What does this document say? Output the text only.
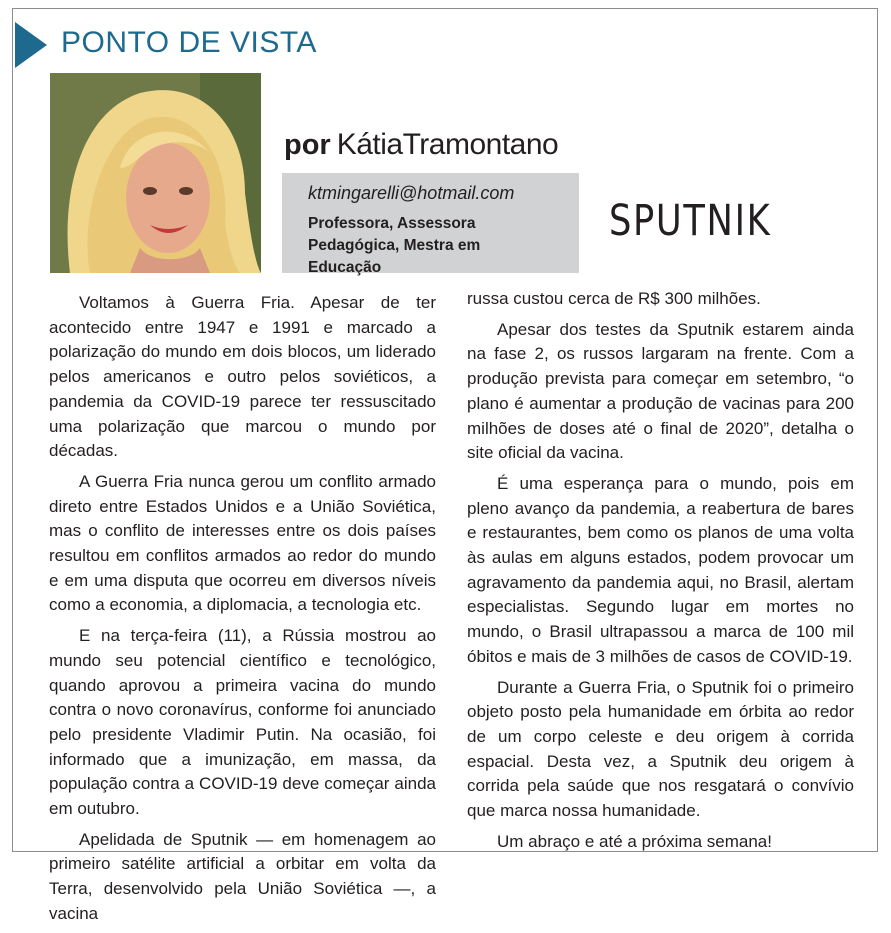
PONTO DE VISTA
por KátiaTramontano
ktmingarelli@hotmail.com
Professora, Assessora Pedagógica, Mestra em Educação
SPUTNIK

Voltamos à Guerra Fria. Apesar de ter acontecido entre 1947 e 1991 e marcado a polarização do mundo em dois blocos, um liderado pelos americanos e outro pelos soviéticos, a pandemia da COVID-19 parece ter ressuscitado uma polarização que marcou o mundo por décadas.

A Guerra Fria nunca gerou um conflito armado direto entre Estados Unidos e a União Soviética, mas o conflito de interesses entre os dois países resultou em conflitos armados ao redor do mundo e em uma disputa que ocorreu em diversos níveis como a economia, a diplomacia, a tecnologia etc.

E na terça-feira (11), a Rússia mostrou ao mundo seu potencial científico e tecnológico, quando aprovou a primeira vacina do mundo contra o novo coronavírus, conforme foi anunciado pelo presidente Vladimir Putin. Na ocasião, foi informado que a imunização, em massa, da população contra a COVID-19 deve começar ainda em outubro.

Apelidada de Sputnik — em homenagem ao primeiro satélite artificial a orbitar em volta da Terra, desenvolvido pela União Soviética —, a vacina

russa custou cerca de R$ 300 milhões.

Apesar dos testes da Sputnik estarem ainda na fase 2, os russos largaram na frente. Com a produção prevista para começar em setembro, “o plano é aumentar a produção de vacinas para 200 milhões de doses até o final de 2020”, detalha o site oficial da vacina.

É uma esperança para o mundo, pois em pleno avanço da pandemia, a reabertura de bares e restaurantes, bem como os planos de uma volta às aulas em alguns estados, podem provocar um agravamento da pandemia aqui, no Brasil, alertam especialistas. Segundo lugar em mortes no mundo, o Brasil ultrapassou a marca de 100 mil óbitos e mais de 3 milhões de casos de COVID-19.

Durante a Guerra Fria, o Sputnik foi o primeiro objeto posto pela humanidade em órbita ao redor de um corpo celeste e deu origem à corrida espacial. Desta vez, a Sputnik deu origem à corrida pela saúde que nos resgatará o convívio que marca nossa humanidade.

Um abraço e até a próxima semana!
